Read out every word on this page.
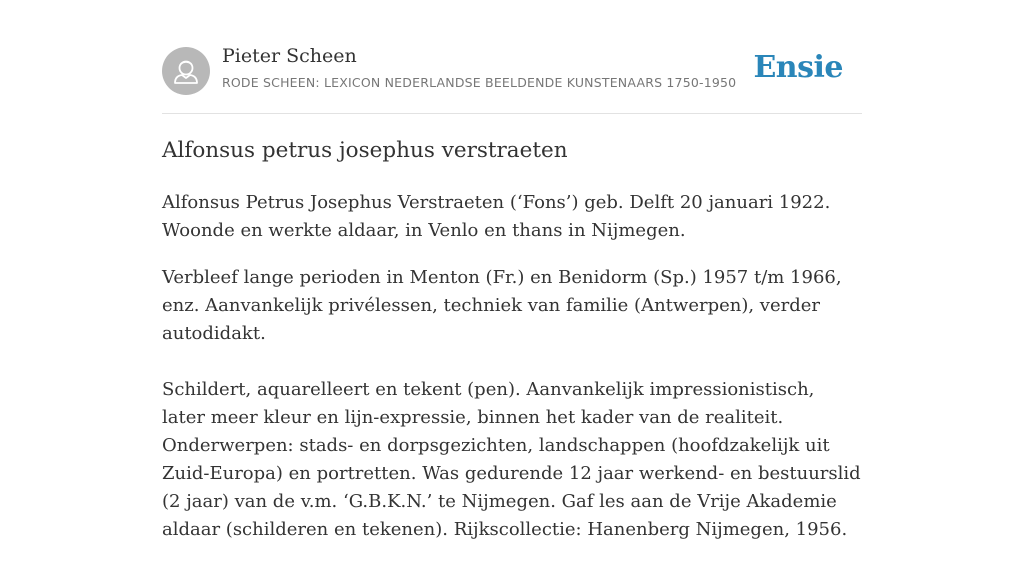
Pieter Scheen
RODE SCHEEN: LEXICON NEDERLANDSE BEELDENDE KUNSTENAARS 1750-1950 Ensie
Alfonsus petrus josephus verstraeten

Alfonsus Petrus Josephus Verstraeten (‘Fons’) geb. Delft 20 januari 1922. Woonde en werkte aldaar, in Venlo en thans in Nijmegen.

Verbleef lange perioden in Menton (Fr.) en Benidorm (Sp.) 1957 t/m 1966, enz. Aanvankelijk privélessen, techniek van familie (Antwerpen), verder autodidakt.

Schildert, aquarelleert en tekent (pen). Aanvankelijk impressionistisch, later meer kleur en lijn-expressie, binnen het kader van de realiteit. Onderwerpen: stads- en dorpsgezichten, landschappen (hoofdzakelijk uit Zuid-Europa) en portretten. Was gedurende 12 jaar werkend- en bestuurslid (2 jaar) van de v.m. ‘G.B.K.N.’ te Nijmegen. Gaf les aan de Vrije Akademie aldaar (schilderen en tekenen). Rijkscollectie: Hanenberg Nijmegen, 1956.
